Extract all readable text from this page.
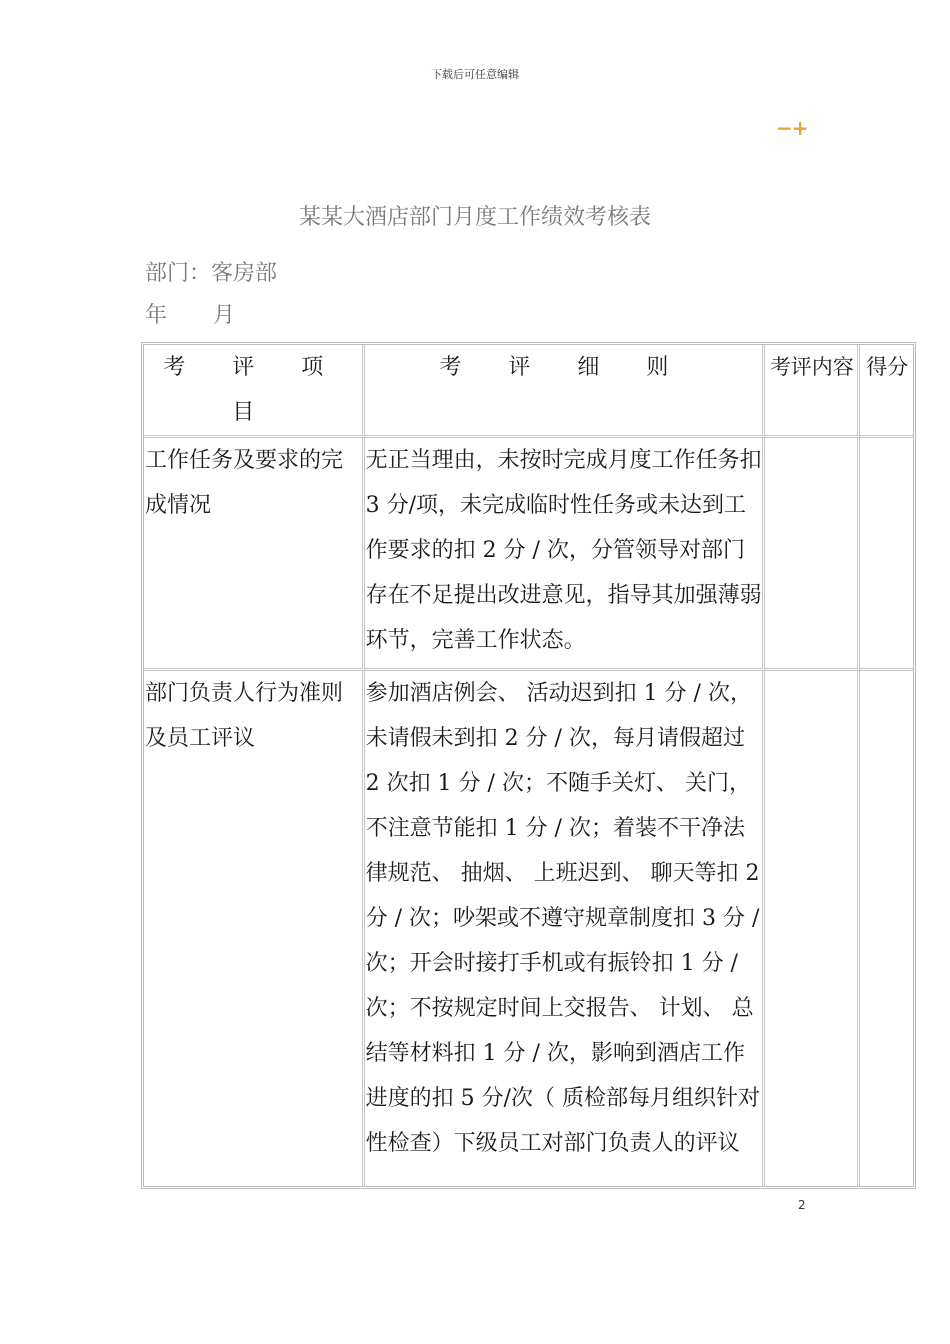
下载后可任意编辑
−+
某某大酒店部门月度工作绩效考核表
部门：客房部
年 月
考 评 项 目	考 评 细 则	考评内容	得分
工作任务及要求的完成情况	无正当理由，未按时完成月度工作任务扣 3 分/项，未完成临时性任务或未达到工作要求的扣 2 分 / 次，分管领导对部门存在不足提出改进意见，指导其加强薄弱环节，完善工作状态。		
部门负责人行为准则及员工评议	参加酒店例会、 活动迟到扣 1 分 / 次，未请假未到扣 2 分 / 次，每月请假超过 2 次扣 1 分 / 次；不随手关灯、 关门，不注意节能扣 1 分 / 次；着装不干净法律规范、 抽烟、 上班迟到、 聊天等扣 2 分 / 次；吵架或不遵守规章制度扣 3 分 / 次；开会时接打手机或有振铃扣 1 分 / 次；不按规定时间上交报告、 计划、 总结等材料扣 1 分 / 次，影响到酒店工作进度的扣 5 分/次（ 质检部每月组织针对性检查）下级员工对部门负责人的评议		
2
